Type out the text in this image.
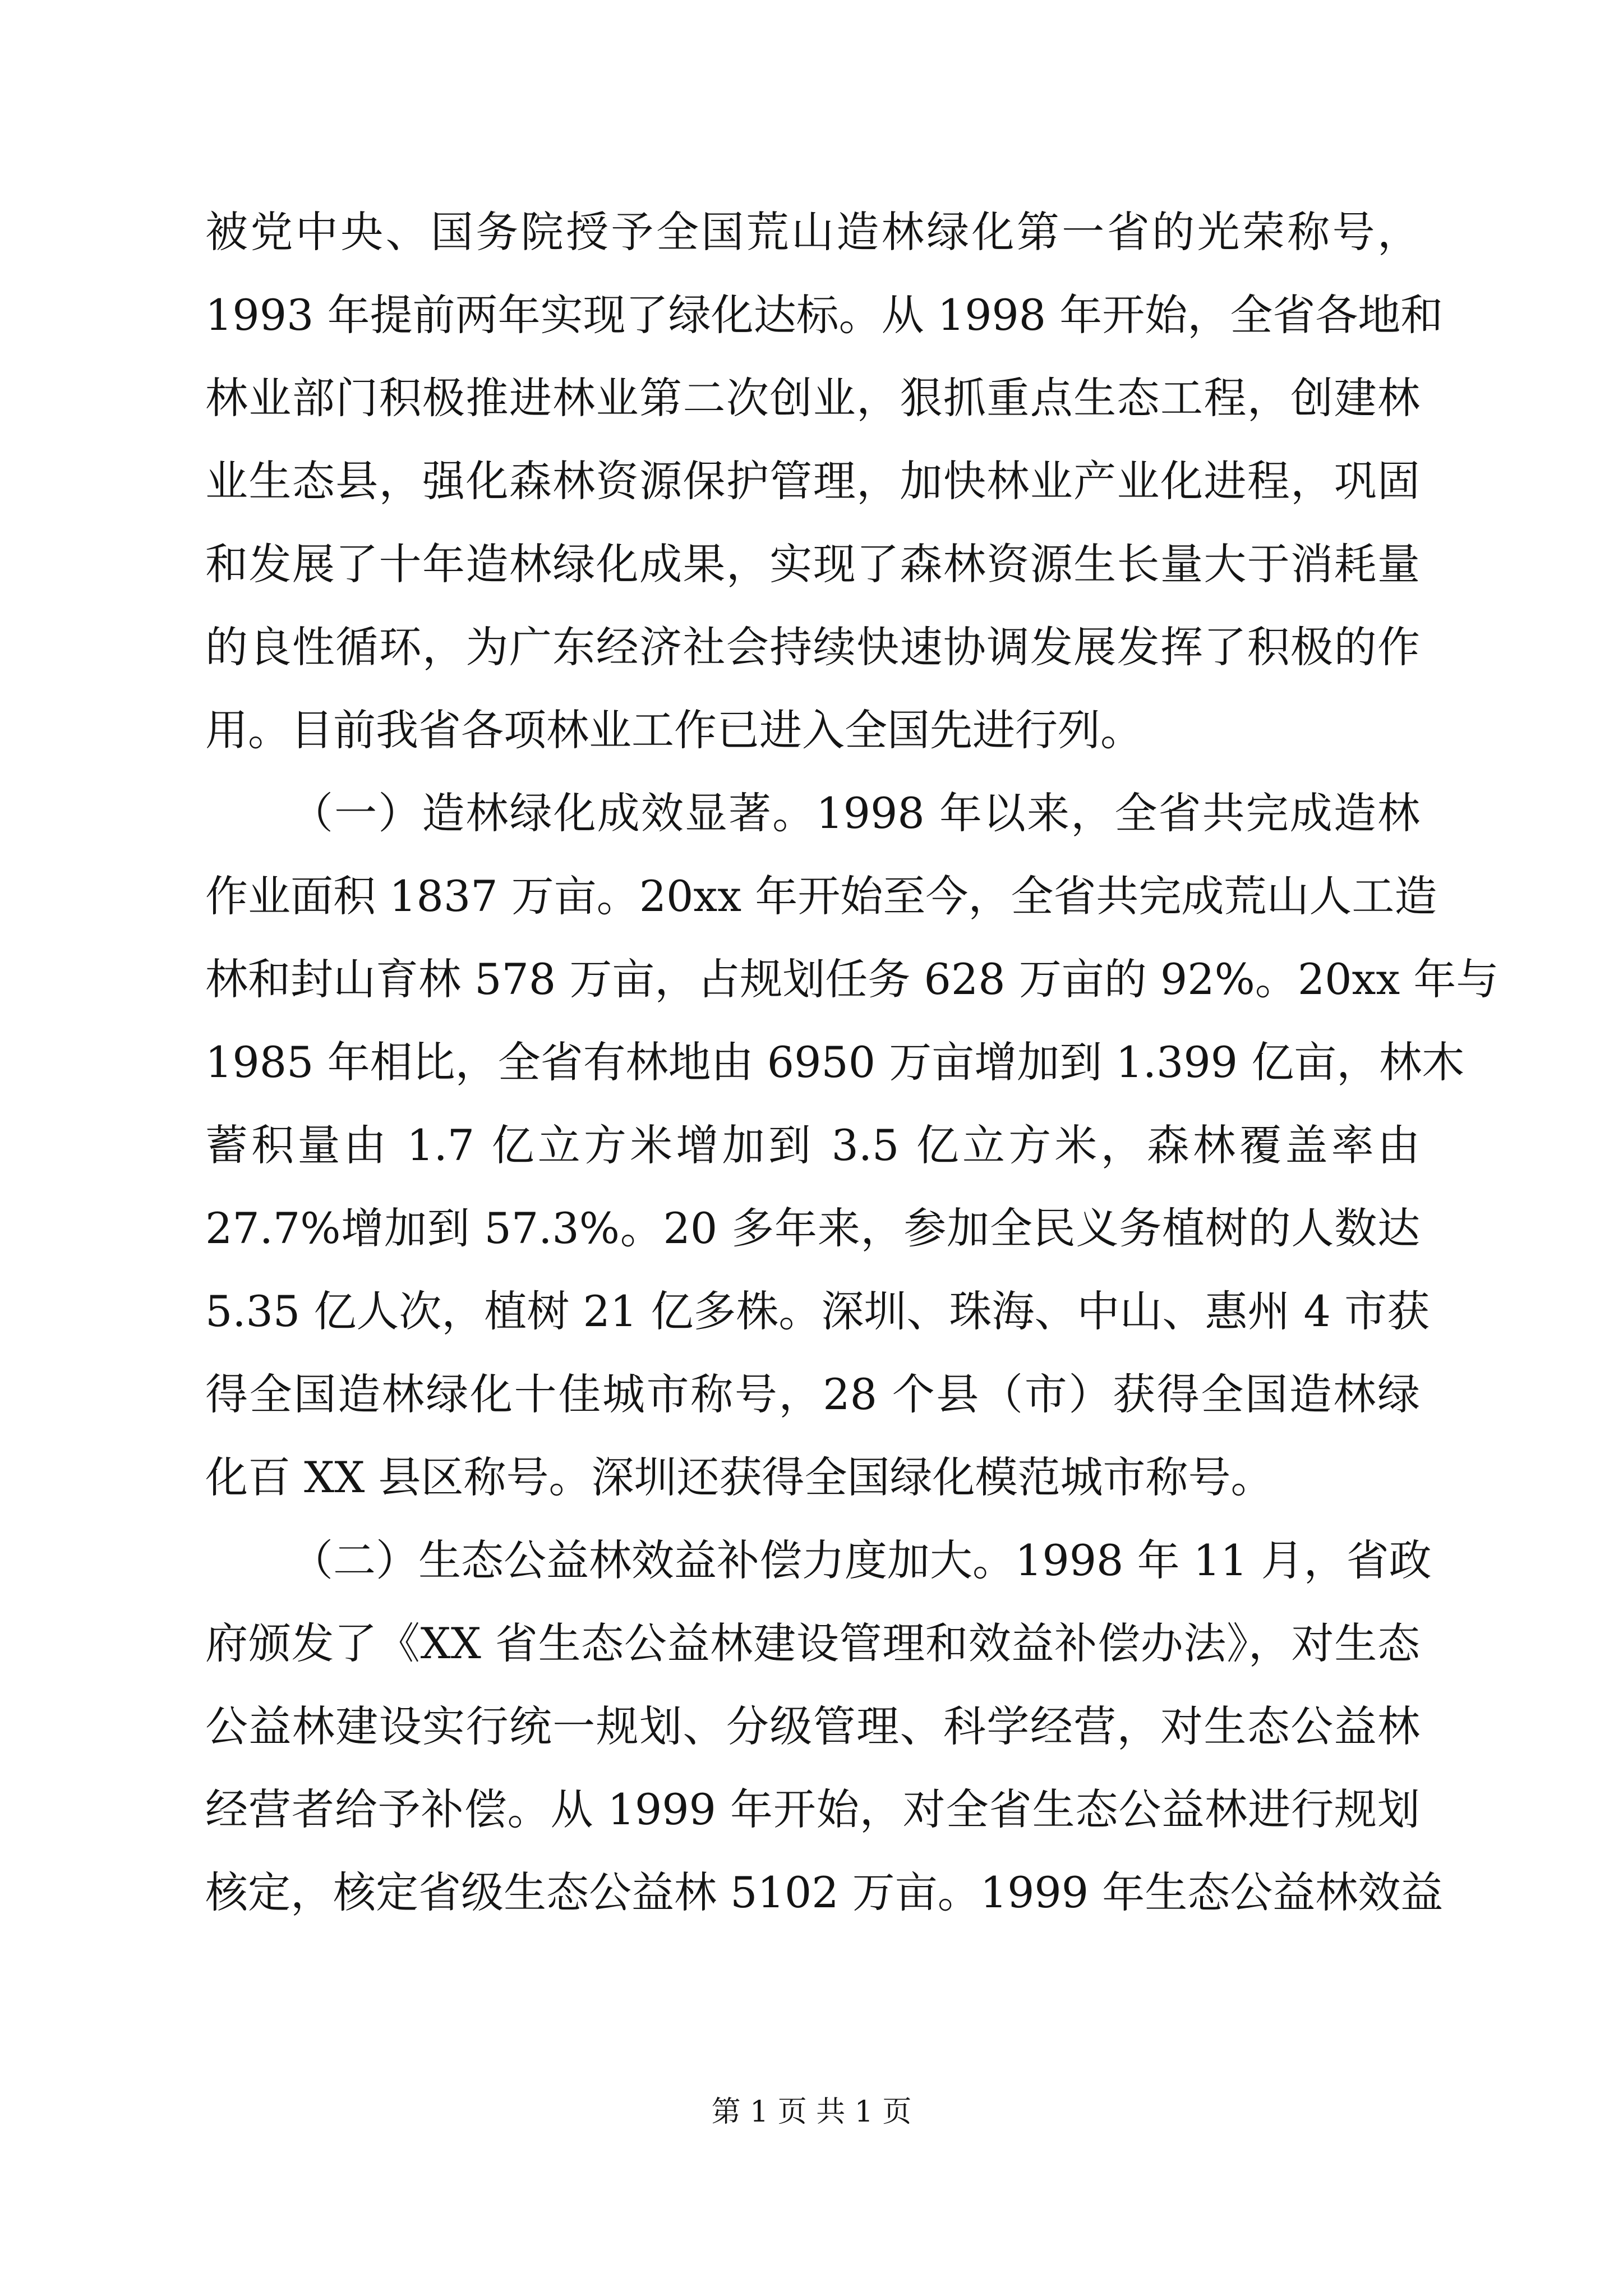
被党中央、国务院授予全国荒山造林绿化第一省的光荣称号，
1993 年提前两年实现了绿化达标。从 1998 年开始，全省各地和
林业部门积极推进林业第二次创业，狠抓重点生态工程，创建林
业生态县，强化森林资源保护管理，加快林业产业化进程，巩固
和发展了十年造林绿化成果，实现了森林资源生长量大于消耗量
的良性循环，为广东经济社会持续快速协调发展发挥了积极的作
用。目前我省各项林业工作已进入全国先进行列。
（一）造林绿化成效显著。1998 年以来，全省共完成造林
作业面积 1837 万亩。20xx 年开始至今，全省共完成荒山人工造
林和封山育林 578 万亩，占规划任务 628 万亩的 92%。20xx 年与
1985 年相比，全省有林地由 6950 万亩增加到 1.399 亿亩，林木
蓄积量由 1.7 亿立方米增加到 3.5 亿立方米，森林覆盖率由
27.7%增加到 57.3%。20 多年来，参加全民义务植树的人数达
5.35 亿人次，植树 21 亿多株。深圳、珠海、中山、惠州 4 市获
得全国造林绿化十佳城市称号，28 个县（市）获得全国造林绿
化百 XX 县区称号。深圳还获得全国绿化模范城市称号。
（二）生态公益林效益补偿力度加大。1998 年 11 月，省政
府颁发了《XX 省生态公益林建设管理和效益补偿办法》，对生态
公益林建设实行统一规划、分级管理、科学经营，对生态公益林
经营者给予补偿。从 1999 年开始，对全省生态公益林进行规划
核定，核定省级生态公益林 5102 万亩。1999 年生态公益林效益
第 1 页 共 1 页
